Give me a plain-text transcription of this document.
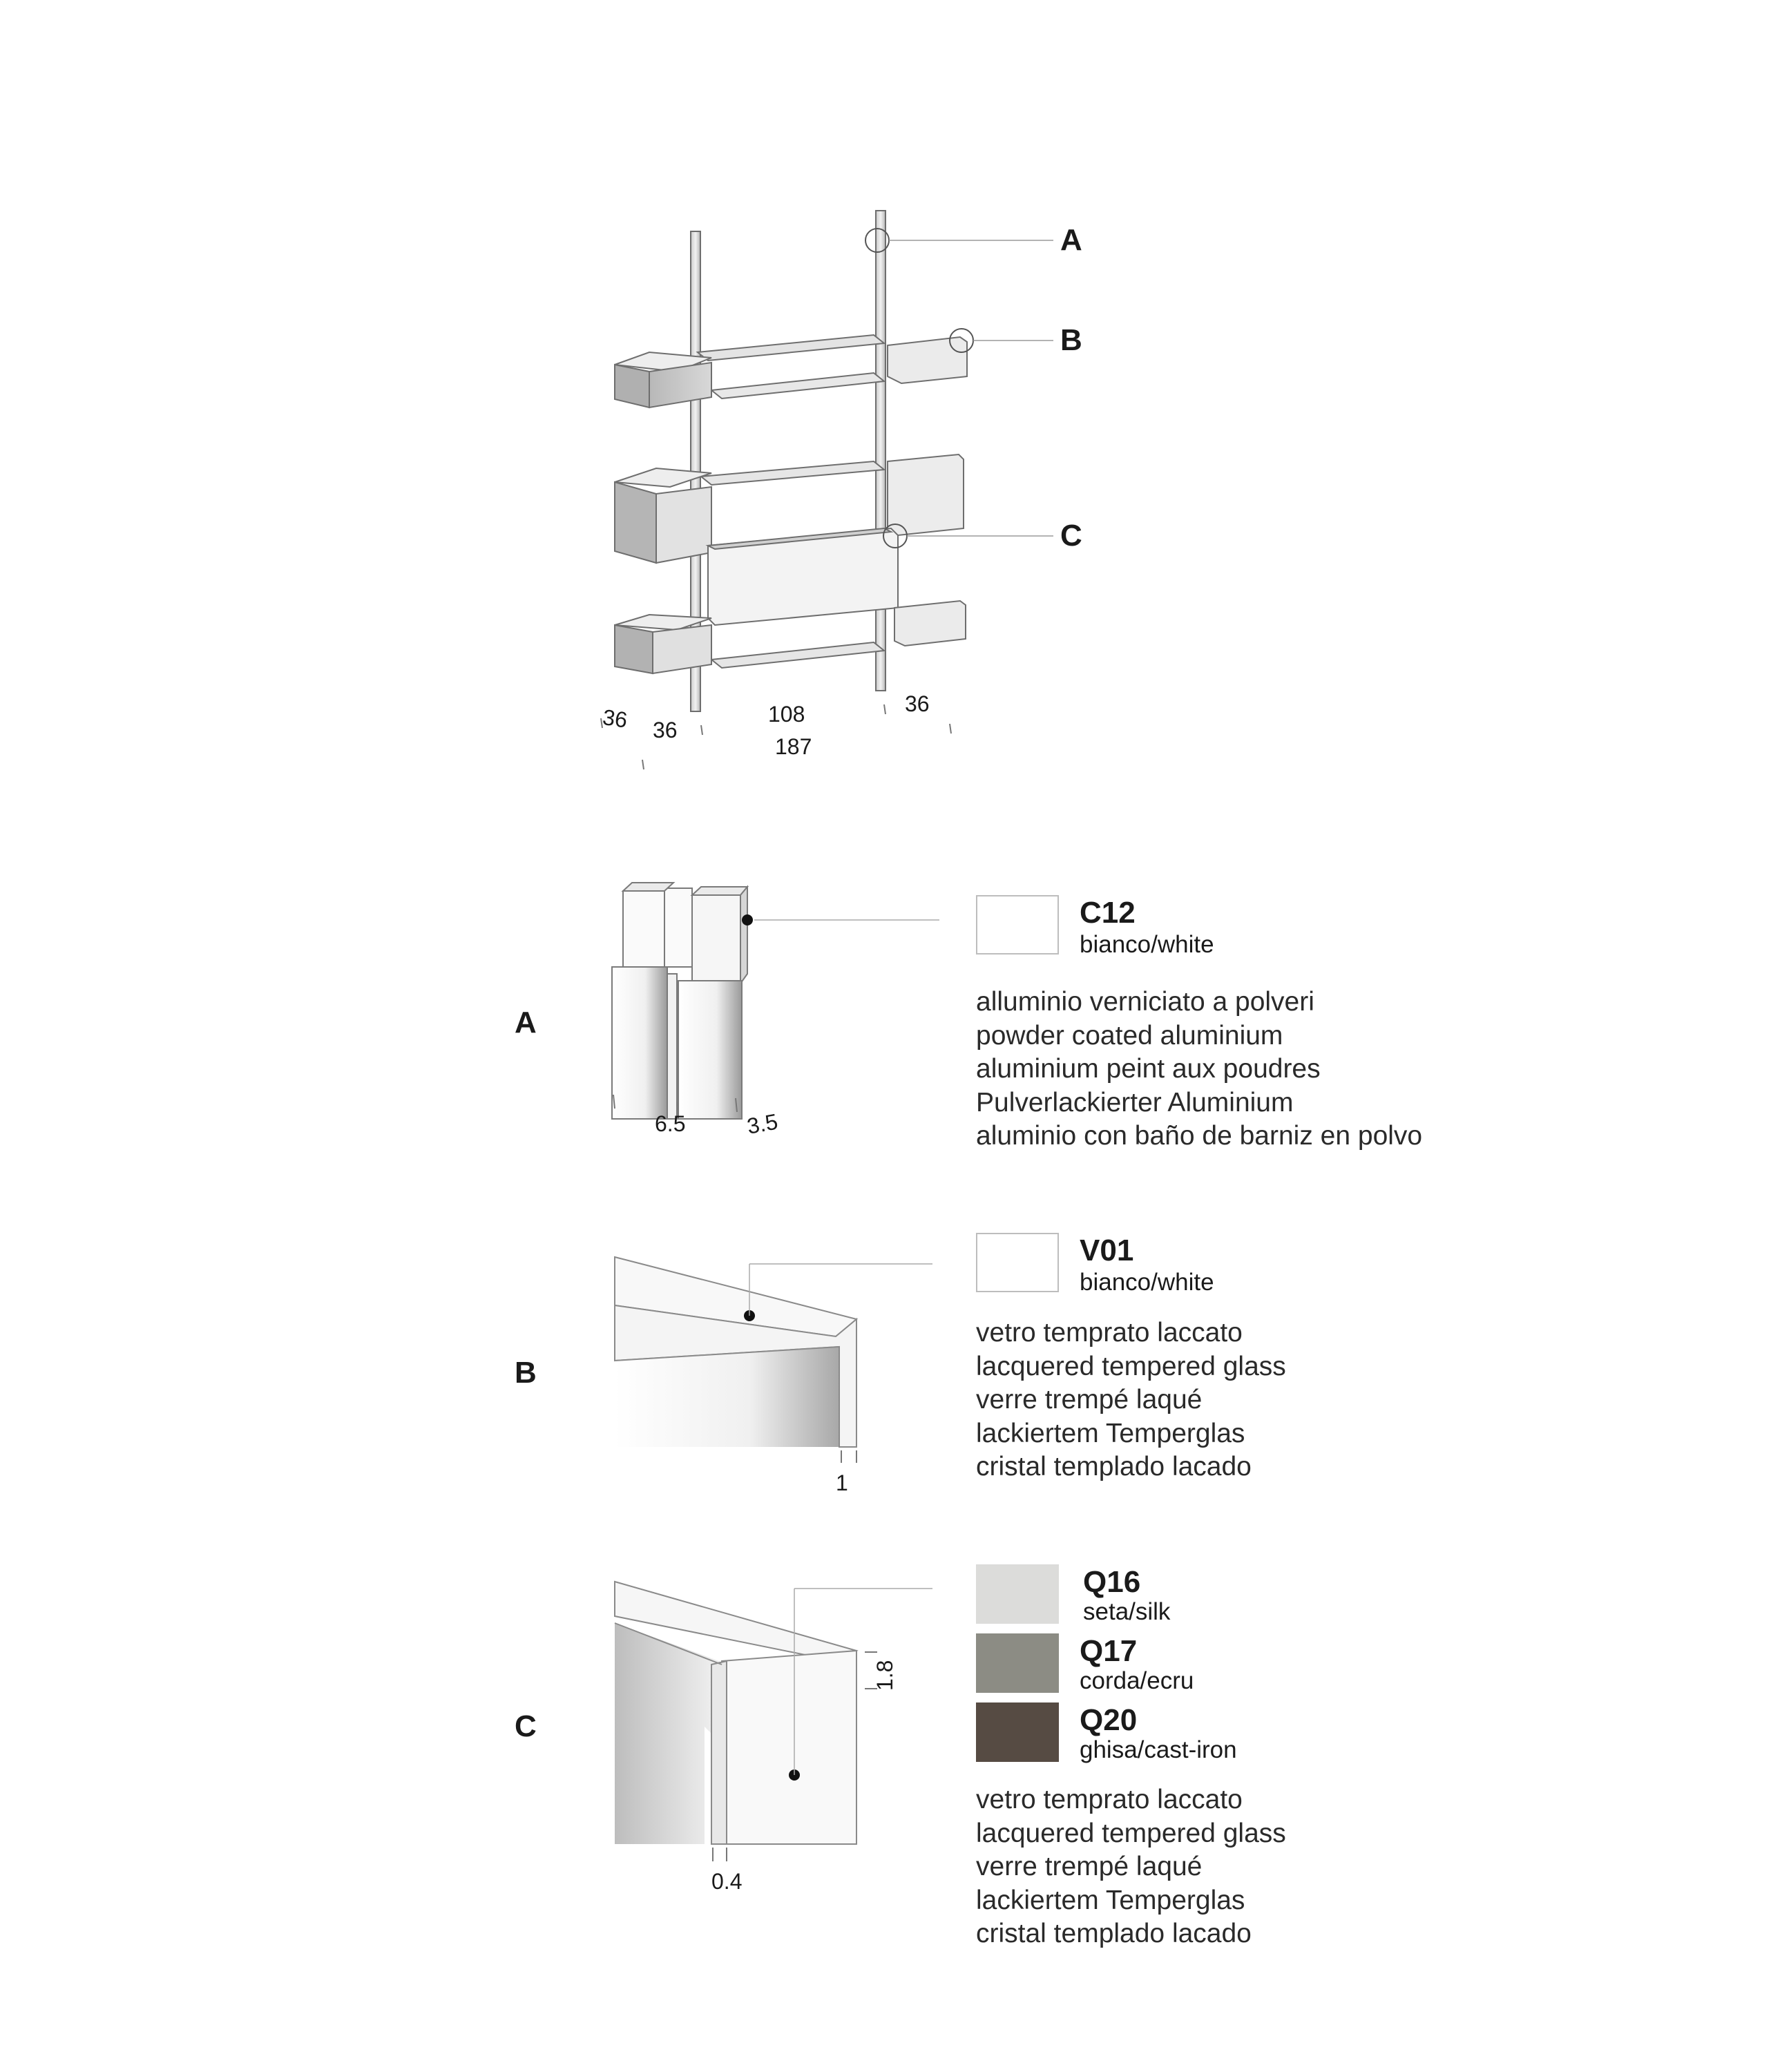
36 36
108	36
187
A
B
C
A
6.5	3.5
C12
bianco/white
alluminio verniciato a polveri
powder coated aluminium
aluminium peint aux poudres
Pulverlackierter Aluminium
aluminio con baño de barniz en polvo
B
1
V01
bianco/white
vetro temprato laccato
lacquered tempered glass
verre trempé laqué
lackiertem Temperglas
cristal templado lacado
C
1.8
0.4
Q16
seta/silk
Q17
corda/ecru
Q20
ghisa/cast-iron
vetro temprato laccato
lacquered tempered glass
verre trempé laqué
lackiertem Temperglas
cristal templado lacado
